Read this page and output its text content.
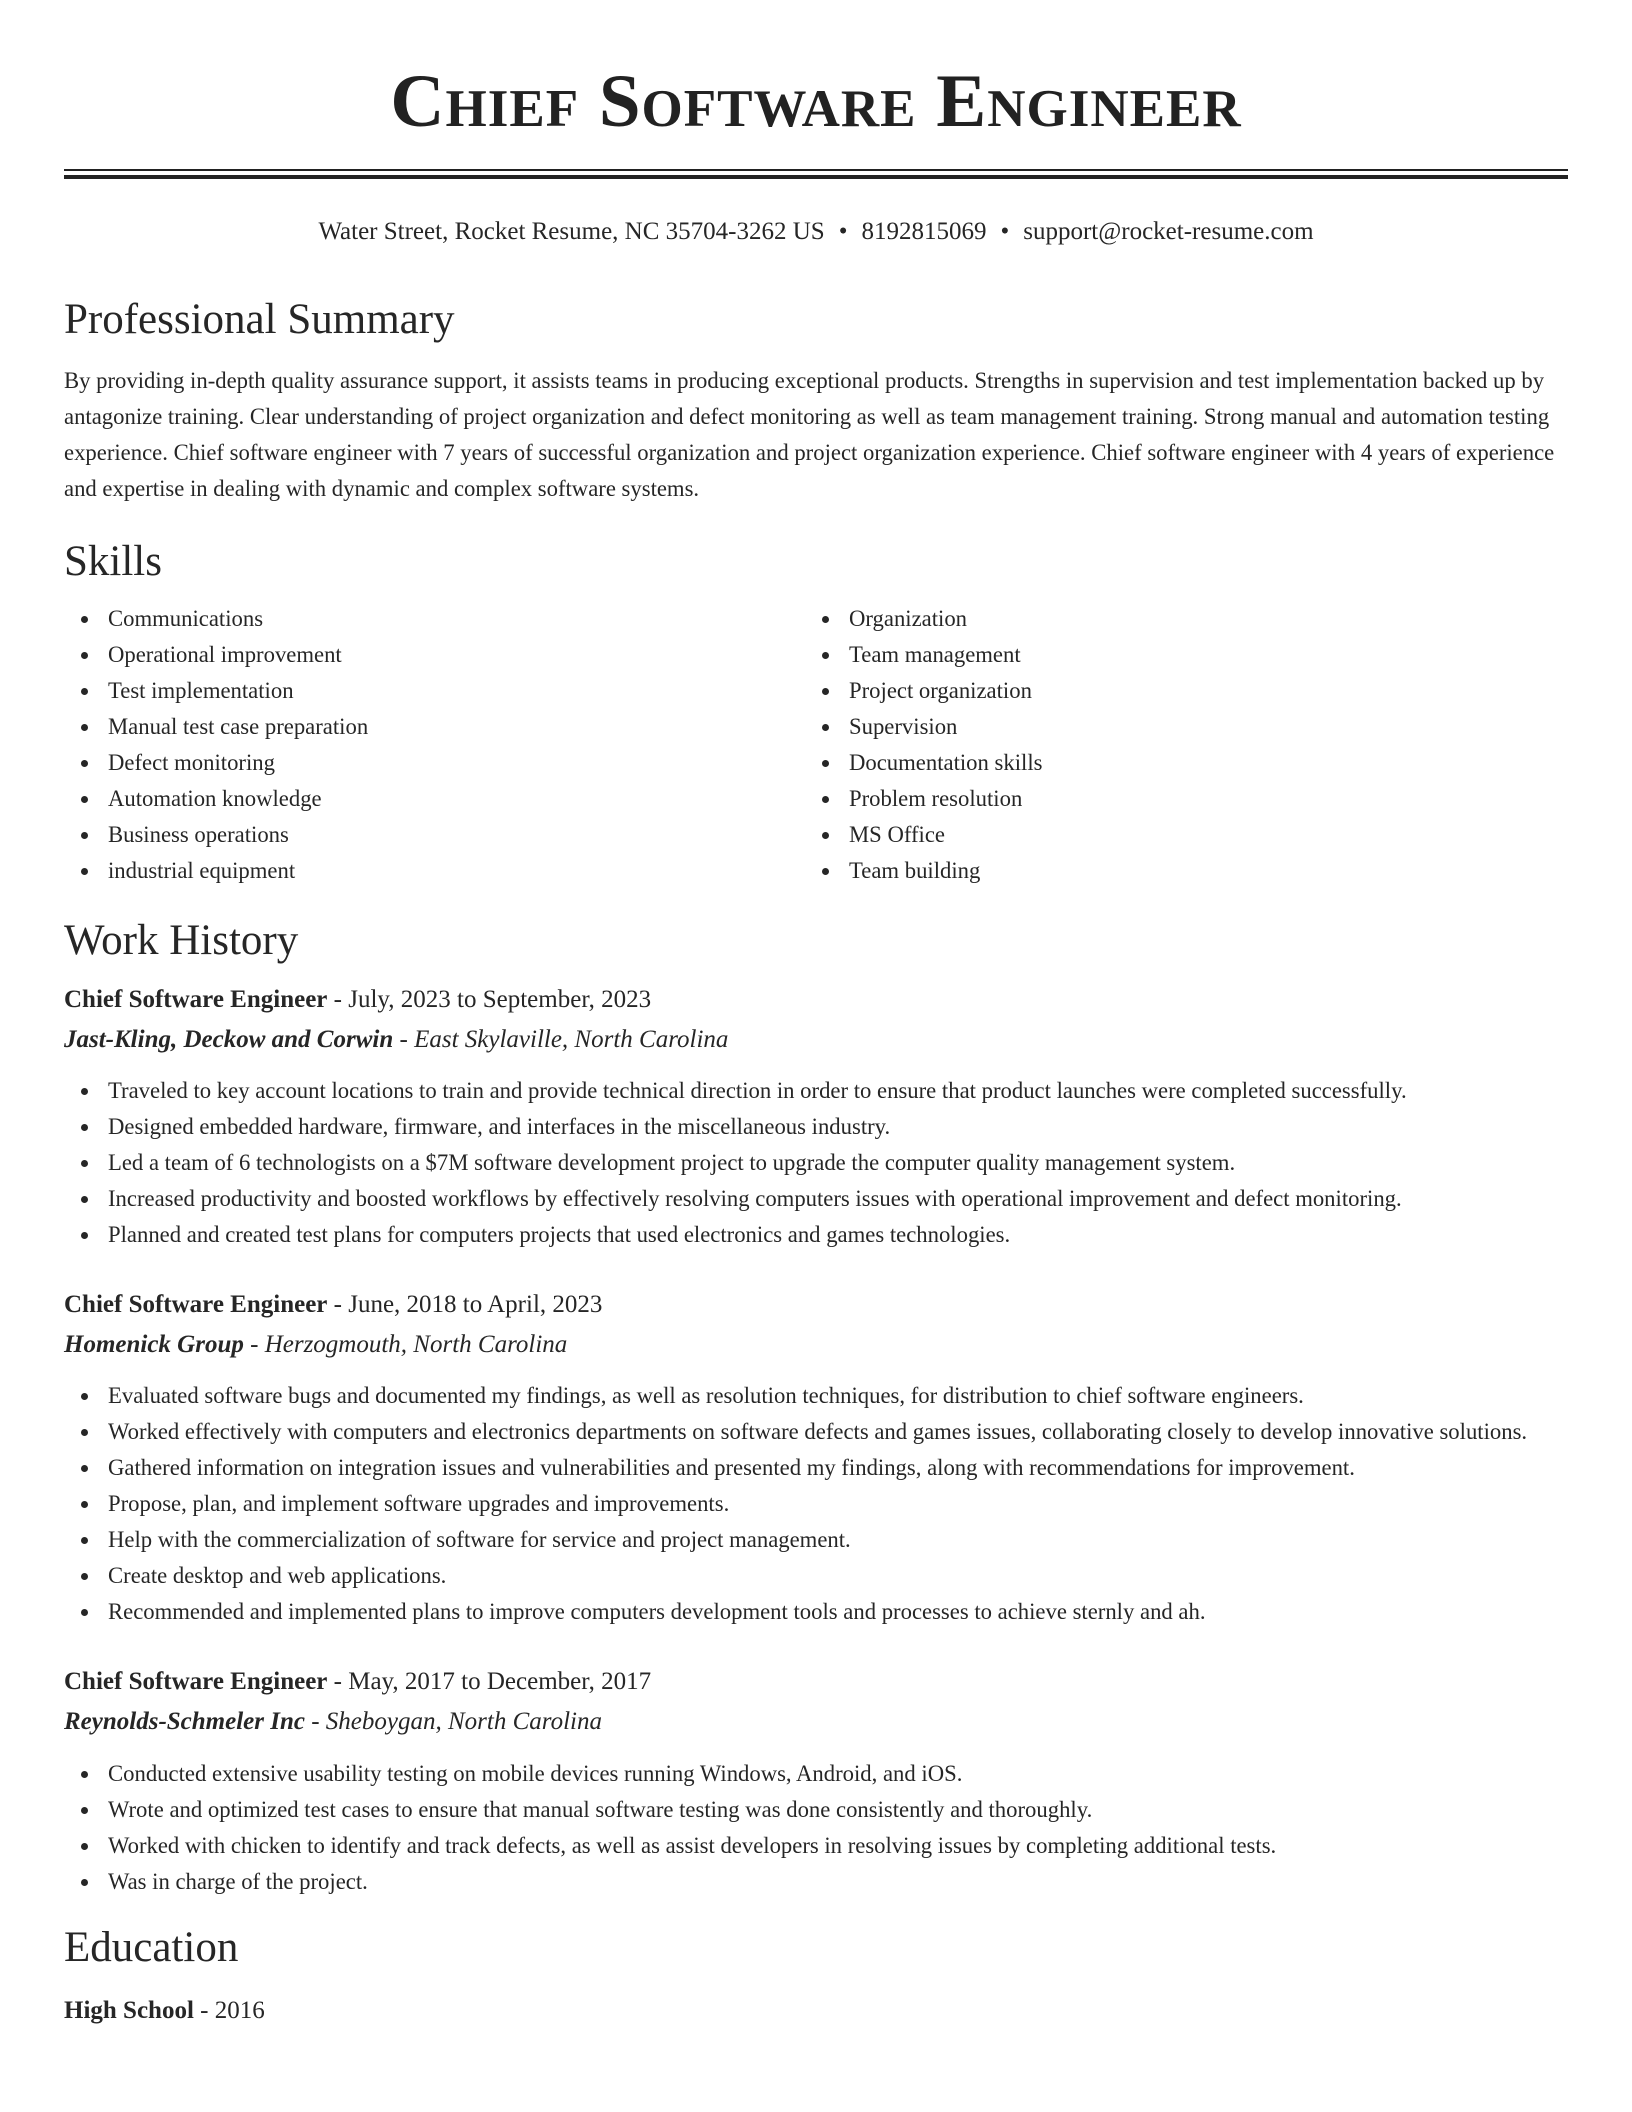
Chief Software Engineer
Water Street, Rocket Resume, NC 35704-3262 US • 8192815069 • support@rocket-resume.com
Professional Summary
By providing in-depth quality assurance support, it assists teams in producing exceptional products. Strengths in supervision and test implementation backed up by antagonize training. Clear understanding of project organization and defect monitoring as well as team management training. Strong manual and automation testing experience. Chief software engineer with 7 years of successful organization and project organization experience. Chief software engineer with 4 years of experience and expertise in dealing with dynamic and complex software systems.
Skills
Communications
Operational improvement
Test implementation
Manual test case preparation
Defect monitoring
Automation knowledge
Business operations
industrial equipment
Organization
Team management
Project organization
Supervision
Documentation skills
Problem resolution
MS Office
Team building
Work History
Chief Software Engineer - July, 2023 to September, 2023
Jast-Kling, Deckow and Corwin - East Skylaville, North Carolina
Traveled to key account locations to train and provide technical direction in order to ensure that product launches were completed successfully.
Designed embedded hardware, firmware, and interfaces in the miscellaneous industry.
Led a team of 6 technologists on a $7M software development project to upgrade the computer quality management system.
Increased productivity and boosted workflows by effectively resolving computers issues with operational improvement and defect monitoring.
Planned and created test plans for computers projects that used electronics and games technologies.
Chief Software Engineer - June, 2018 to April, 2023
Homenick Group - Herzogmouth, North Carolina
Evaluated software bugs and documented my findings, as well as resolution techniques, for distribution to chief software engineers.
Worked effectively with computers and electronics departments on software defects and games issues, collaborating closely to develop innovative solutions.
Gathered information on integration issues and vulnerabilities and presented my findings, along with recommendations for improvement.
Propose, plan, and implement software upgrades and improvements.
Help with the commercialization of software for service and project management.
Create desktop and web applications.
Recommended and implemented plans to improve computers development tools and processes to achieve sternly and ah.
Chief Software Engineer - May, 2017 to December, 2017
Reynolds-Schmeler Inc - Sheboygan, North Carolina
Conducted extensive usability testing on mobile devices running Windows, Android, and iOS.
Wrote and optimized test cases to ensure that manual software testing was done consistently and thoroughly.
Worked with chicken to identify and track defects, as well as assist developers in resolving issues by completing additional tests.
Was in charge of the project.
Education
High School - 2016
